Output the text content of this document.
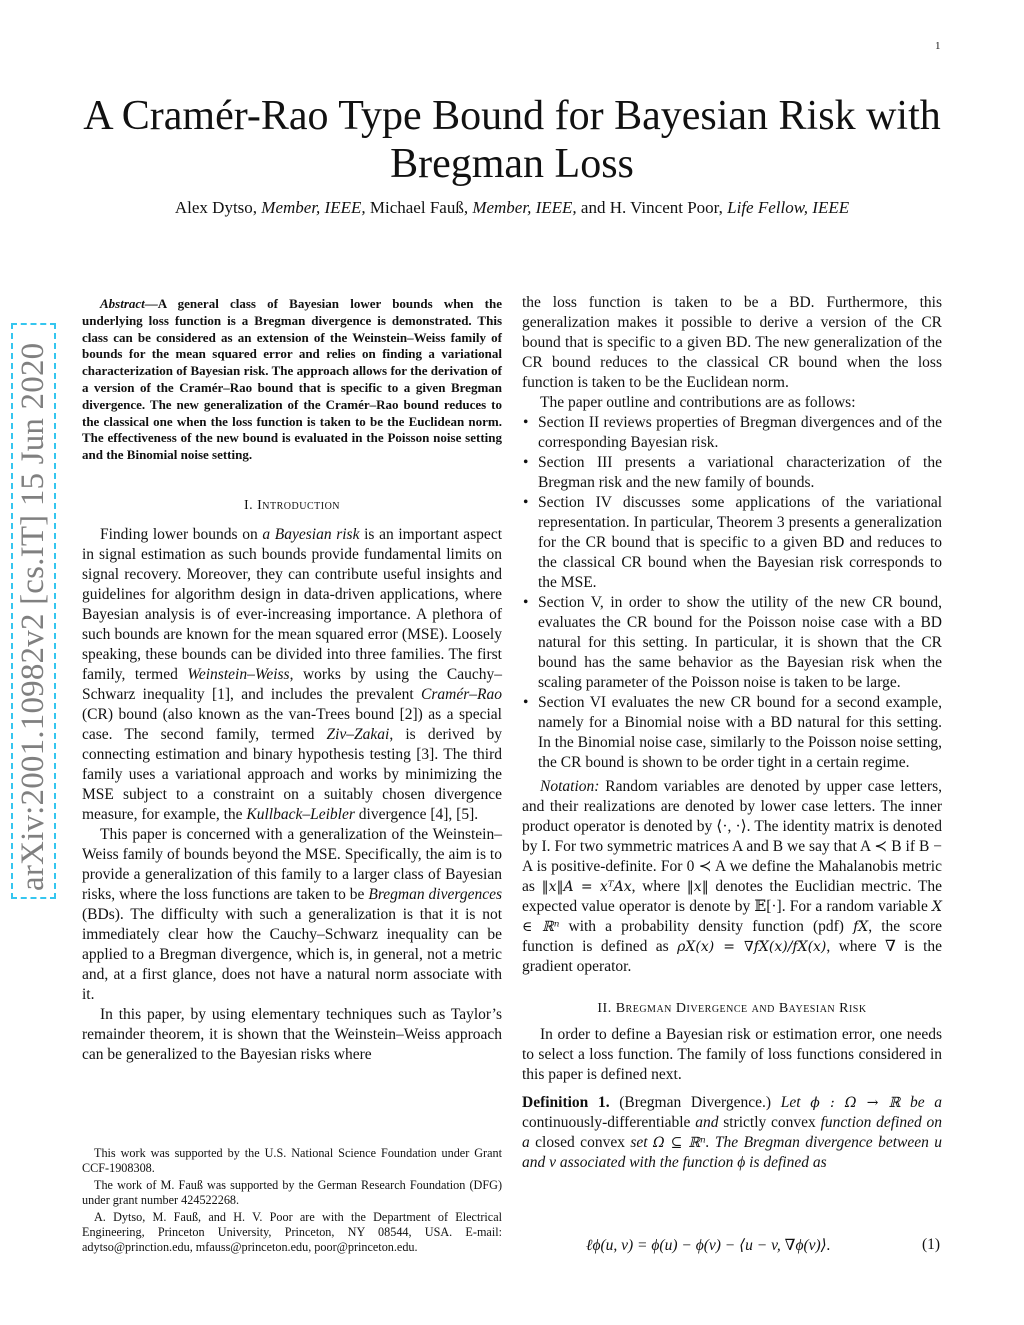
1
A Cramér-Rao Type Bound for Bayesian Risk with Bregman Loss
Alex Dytso, Member, IEEE, Michael Fauß, Member, IEEE, and H. Vincent Poor, Life Fellow, IEEE
arXiv:2001.10982v2 [cs.IT] 15 Jun 2020

Abstract—A general class of Bayesian lower bounds when the underlying loss function is a Bregman divergence is demonstrated. This class can be considered as an extension of the Weinstein–Weiss family of bounds for the mean squared error and relies on finding a variational characterization of Bayesian risk. The approach allows for the derivation of a version of the Cramér–Rao bound that is specific to a given Bregman divergence. The new generalization of the Cramér–Rao bound reduces to the classical one when the loss function is taken to be the Euclidean norm. The effectiveness of the new bound is evaluated in the Poisson noise setting and the Binomial noise setting.

I. Introduction

Finding lower bounds on a Bayesian risk is an important aspect in signal estimation as such bounds provide fundamental limits on signal recovery. Moreover, they can contribute useful insights and guidelines for algorithm design in data-driven applications, where Bayesian analysis is of ever-increasing importance. A plethora of such bounds are known for the mean squared error (MSE). Loosely speaking, these bounds can be divided into three families. The first family, termed Weinstein–Weiss, works by using the Cauchy–Schwarz inequality [1], and includes the prevalent Cramér–Rao (CR) bound (also known as the van-Trees bound [2]) as a special case. The second family, termed Ziv–Zakai, is derived by connecting estimation and binary hypothesis testing [3]. The third family uses a variational approach and works by minimizing the MSE subject to a constraint on a suitably chosen divergence measure, for example, the Kullback–Leibler divergence [4], [5].

This paper is concerned with a generalization of the Weinstein–Weiss family of bounds beyond the MSE. Specifically, the aim is to provide a generalization of this family to a larger class of Bayesian risks, where the loss functions are taken to be Bregman divergences (BDs). The difficulty with such a generalization is that it is not immediately clear how the Cauchy–Schwarz inequality can be applied to a Bregman divergence, which is, in general, not a metric and, at a first glance, does not have a natural norm associate with it.

In this paper, by using elementary techniques such as Taylor’s remainder theorem, it is shown that the Weinstein–Weiss approach can be generalized to the Bayesian risks where

This work was supported by the U.S. National Science Foundation under Grant CCF-1908308.

The work of M. Fauß was supported by the German Research Foundation (DFG) under grant number 424522268.

A. Dytso, M. Fauß, and H. V. Poor are with the Department of Electrical Engineering, Princeton University, Princeton, NY 08544, USA. E-mail: adytso@prinction.edu, mfauss@princeton.edu, poor@princeton.edu.

the loss function is taken to be a BD. Furthermore, this generalization makes it possible to derive a version of the CR bound that is specific to a given BD. The new generalization of the CR bound reduces to the classical CR bound when the loss function is taken to be the Euclidean norm.

The paper outline and contributions are as follows:

• Section II reviews properties of Bregman divergences and of the corresponding Bayesian risk.
• Section III presents a variational characterization of the Bregman risk and the new family of bounds.
• Section IV discusses some applications of the variational representation. In particular, Theorem 3 presents a generalization for the CR bound that is specific to a given BD and reduces to the classical CR bound when the Bayesian risk corresponds to the MSE.
• Section V, in order to show the utility of the new CR bound, evaluates the CR bound for the Poisson noise case with a BD natural for this setting. In particular, it is shown that the CR bound has the same behavior as the Bayesian risk when the scaling parameter of the Poisson noise is taken to be large.
• Section VI evaluates the new CR bound for a second example, namely for a Binomial noise with a BD natural for this setting. In the Binomial noise case, similarly to the Poisson noise setting, the CR bound is shown to be order tight in a certain regime.

Notation: Random variables are denoted by upper case letters, and their realizations are denoted by lower case letters. The inner product operator is denoted by ⟨·, ·⟩. The identity matrix is denoted by I. For two symmetric matrices A and B we say that A ≺ B if B − A is positive-definite. For 0 ≺ A we define the Mahalanobis metric as ‖x‖A = xᵀAx, where ‖x‖ denotes the Euclidian mectric. The expected value operator is denote by 𝔼[·]. For a random variable X ∈ ℝⁿ with a probability density function (pdf) fX, the score function is defined as ρX(x) = ∇fX(x)/fX(x), where ∇ is the gradient operator.

II. Bregman Divergence and Bayesian Risk

In order to define a Bayesian risk or estimation error, one needs to select a loss function. The family of loss functions considered in this paper is defined next.

Definition 1. (Bregman Divergence.) Let ϕ : Ω → ℝ be a continuously-differentiable and strictly convex function defined on a closed convex set Ω ⊆ ℝⁿ. The Bregman divergence between u and v associated with the function ϕ is defined as

ℓϕ(u, v) = ϕ(u) − ϕ(v) − ⟨u − v, ∇ϕ(v)⟩.	(1)
